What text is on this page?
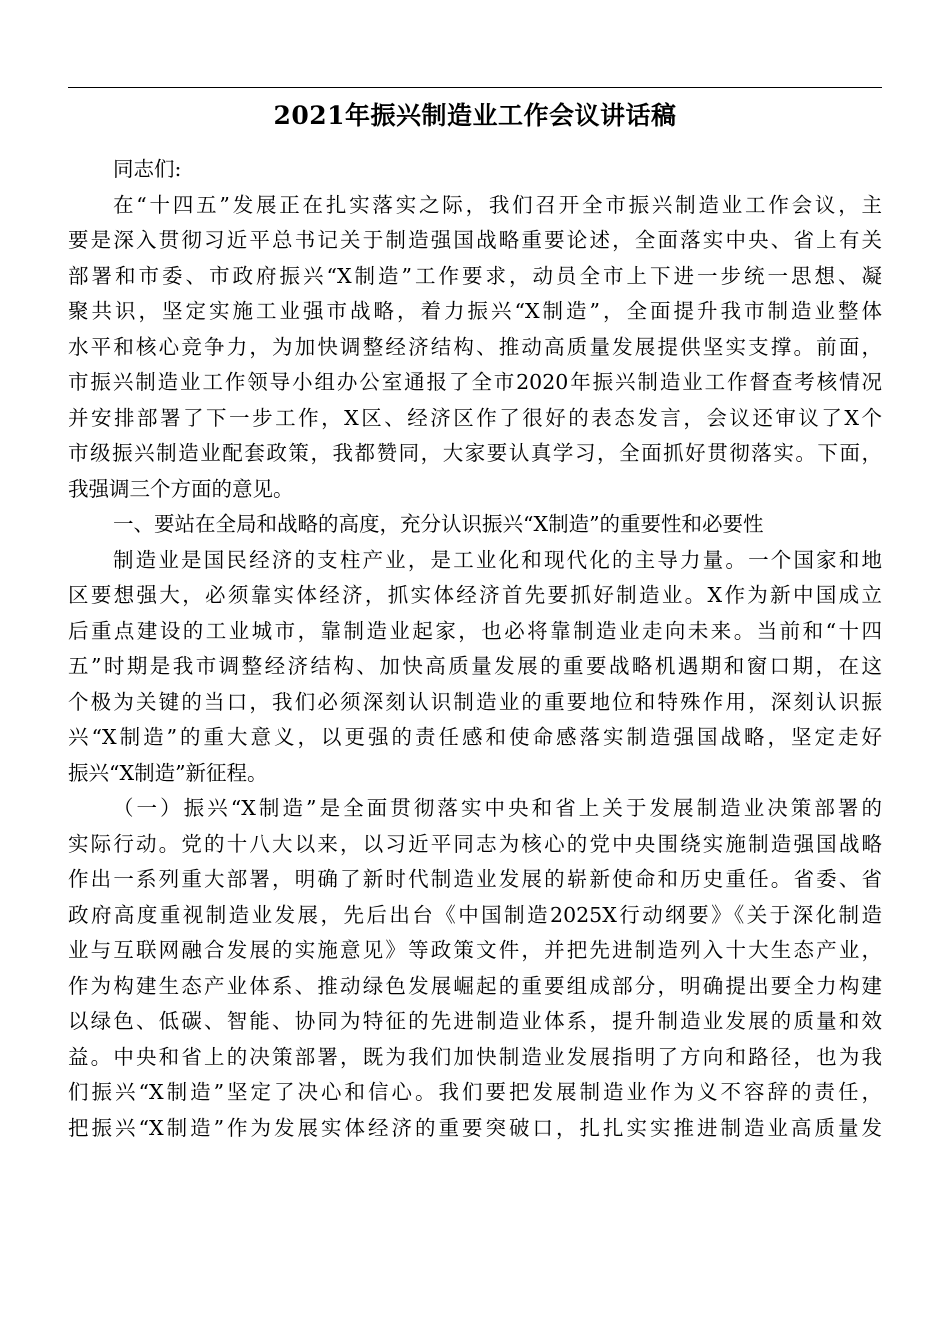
2021年振兴制造业工作会议讲话稿
同志们:
在“十四五”发展正在扎实落实之际，我们召开全市振兴制造业工作会议，主
要是深入贯彻习近平总书记关于制造强国战略重要论述，全面落实中央、省上有关
部署和市委、市政府振兴“X制造”工作要求，动员全市上下进一步统一思想、凝
聚共识，坚定实施工业强市战略，着力振兴“X制造”，全面提升我市制造业整体
水平和核心竞争力，为加快调整经济结构、推动高质量发展提供坚实支撑。前面，
市振兴制造业工作领导小组办公室通报了全市2020年振兴制造业工作督查考核情况
并安排部署了下一步工作，X区、经济区作了很好的表态发言，会议还审议了X个
市级振兴制造业配套政策，我都赞同，大家要认真学习，全面抓好贯彻落实。下面，
我强调三个方面的意见。
一、要站在全局和战略的高度，充分认识振兴“X制造”的重要性和必要性
制造业是国民经济的支柱产业，是工业化和现代化的主导力量。一个国家和地
区要想强大，必须靠实体经济，抓实体经济首先要抓好制造业。X作为新中国成立
后重点建设的工业城市，靠制造业起家，也必将靠制造业走向未来。当前和“十四
五”时期是我市调整经济结构、加快高质量发展的重要战略机遇期和窗口期，在这
个极为关键的当口，我们必须深刻认识制造业的重要地位和特殊作用，深刻认识振
兴“X制造”的重大意义，以更强的责任感和使命感落实制造强国战略，坚定走好
振兴“X制造”新征程。
（一）振兴“X制造”是全面贯彻落实中央和省上关于发展制造业决策部署的
实际行动。党的十八大以来，以习近平同志为核心的党中央围绕实施制造强国战略
作出一系列重大部署，明确了新时代制造业发展的崭新使命和历史重任。省委、省
政府高度重视制造业发展，先后出台《中国制造2025X行动纲要》《关于深化制造
业与互联网融合发展的实施意见》等政策文件，并把先进制造列入十大生态产业，
作为构建生态产业体系、推动绿色发展崛起的重要组成部分，明确提出要全力构建
以绿色、低碳、智能、协同为特征的先进制造业体系，提升制造业发展的质量和效
益。中央和省上的决策部署，既为我们加快制造业发展指明了方向和路径，也为我
们振兴“X制造”坚定了决心和信心。我们要把发展制造业作为义不容辞的责任，
把振兴“X制造”作为发展实体经济的重要突破口，扎扎实实推进制造业高质量发
